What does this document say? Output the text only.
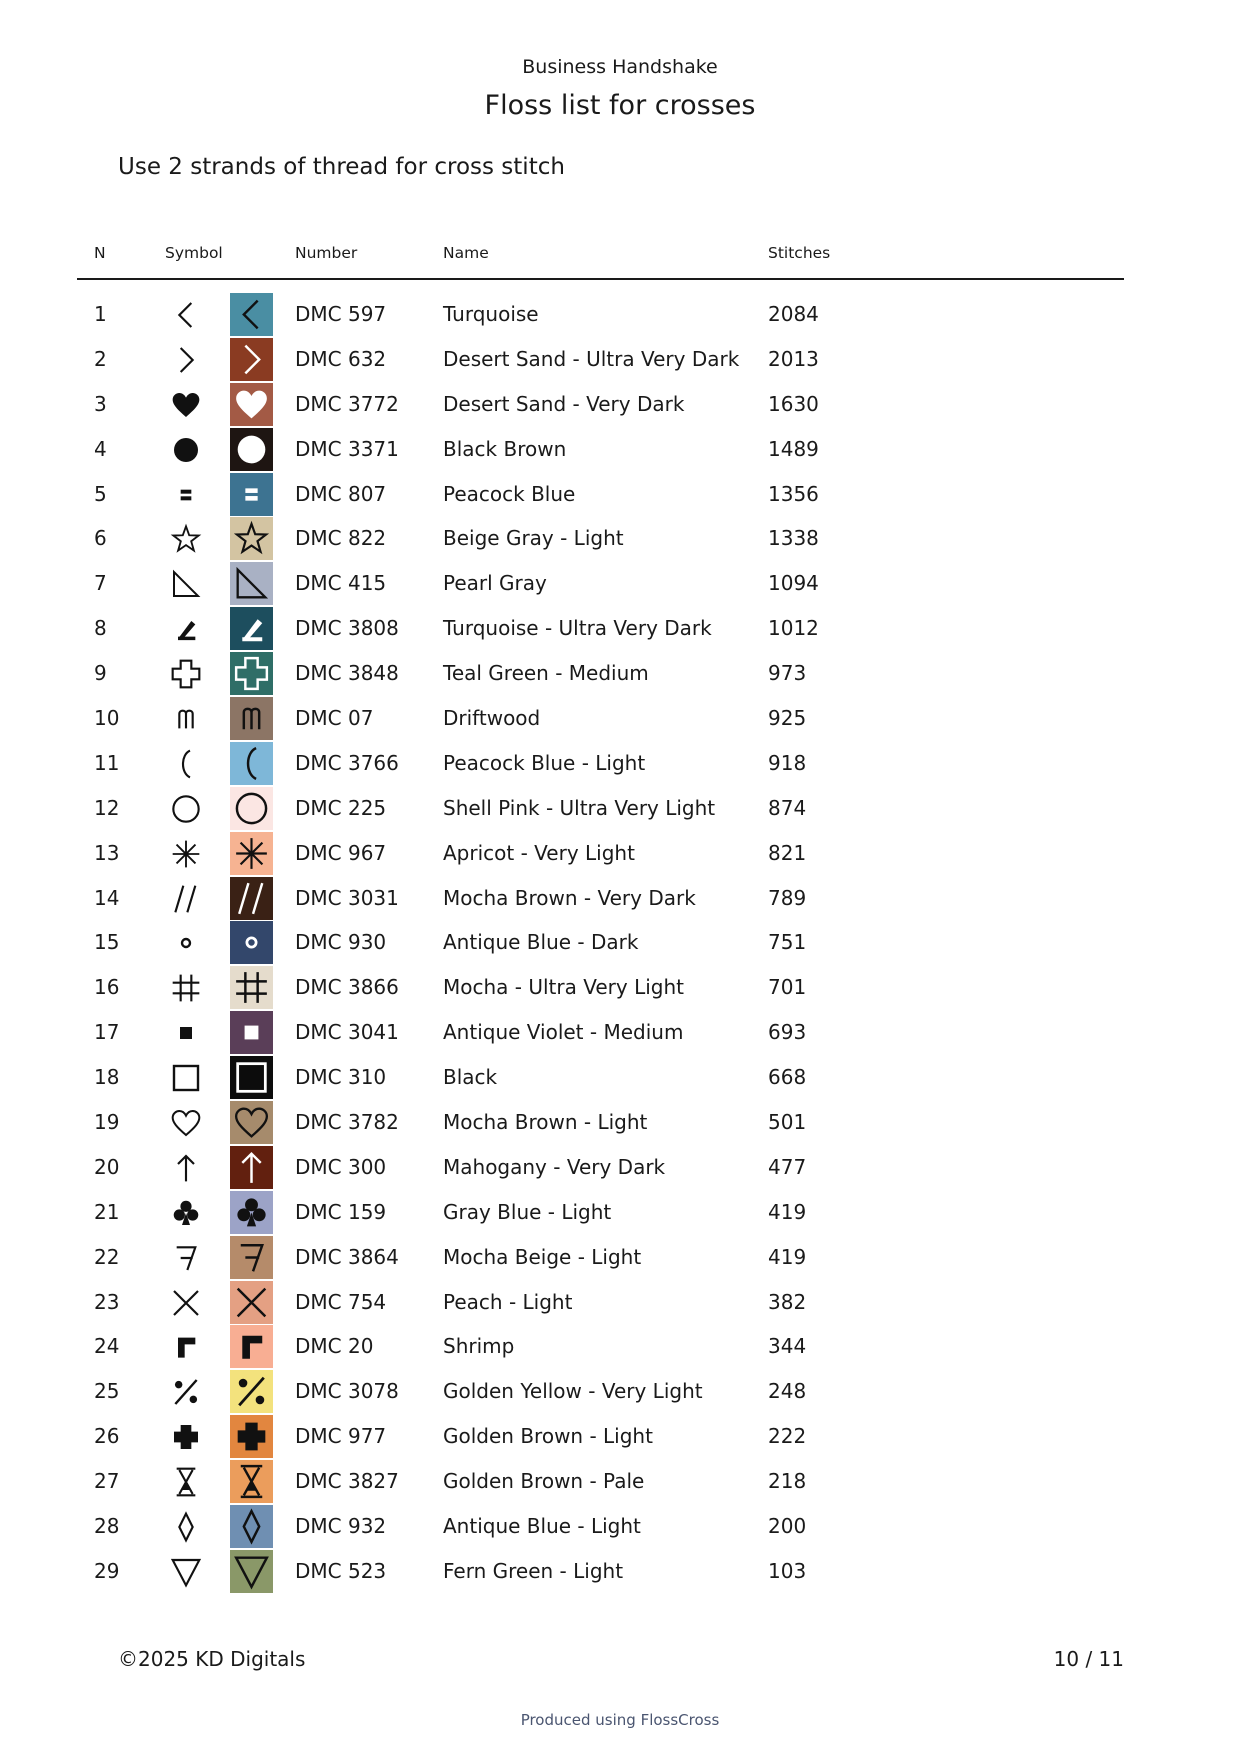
Business Handshake
Floss list for crosses
Use 2 strands of thread for cross stitch
N	Symbol	Number	Name	Stitches
1	DMC 597	Turquoise	2084
2	DMC 632	Desert Sand - Ultra Very Dark 2013
3	DMC 3772 Desert Sand - Very Dark	1630
4	DMC 3371 Black Brown	1489
5	DMC 807	Peacock Blue	1356
6	DMC 822	Beige Gray - Light	1338
7	DMC 415	Pearl Gray	1094
8	DMC 3808 Turquoise - Ultra Very Dark	1012
9	DMC 3848 Teal Green - Medium	973
10	DMC 07	Driftwood	925
11	DMC 3766 Peacock Blue - Light	918
12	DMC 225	Shell Pink - Ultra Very Light	874
13	DMC 967	Apricot - Very Light	821
14	DMC 3031 Mocha Brown - Very Dark	789
15	DMC 930	Antique Blue - Dark	751
16	DMC 3866 Mocha - Ultra Very Light	701
17	DMC 3041 Antique Violet - Medium	693
18	DMC 310	Black	668
19	DMC 3782 Mocha Brown - Light	501
20	DMC 300	Mahogany - Very Dark	477
21	DMC 159	Gray Blue - Light	419
22	DMC 3864 Mocha Beige - Light	419
23	DMC 754	Peach - Light	382
24	DMC 20	Shrimp	344
25	DMC 3078 Golden Yellow - Very Light	248
26	DMC 977	Golden Brown - Light	222
27	DMC 3827 Golden Brown - Pale	218
28	DMC 932	Antique Blue - Light	200
29	DMC 523	Fern Green - Light	103
©2025 KD Digitals	10 / 11
Produced using FlossCross
